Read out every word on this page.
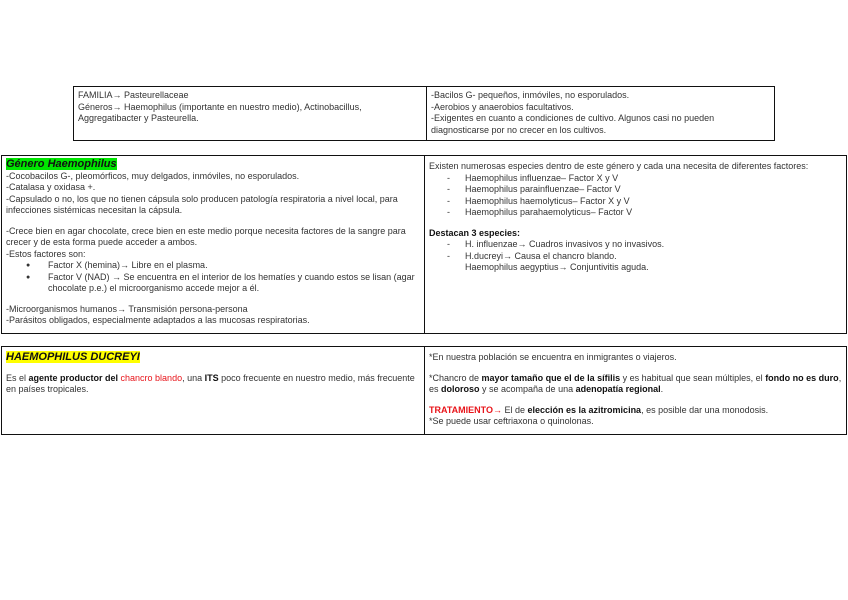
FAMILIA→ Pasteurellaceae

Géneros→ Haemophilus (importante en nuestro medio), Actinobacillus,

Aggregatibacter y Pasteurella.

-Bacilos G- pequeños, inmóviles, no esporulados.

-Aerobios y anaerobios facultativos.

-Exigentes en cuanto a condiciones de cultivo. Algunos casi no pueden diagnosticarse por no crecer en los cultivos.

Género Haemophilus

-Cocobacilos G-, pleomórficos, muy delgados, inmóviles, no esporulados.

-Catalasa y oxidasa +.

-Capsulado o no, los que no tienen cápsula solo producen patología respiratoria a nivel local, para infecciones sistémicas necesitan la cápsula.

-Crece bien en agar chocolate, crece bien en este medio porque necesita factores de la sangre para crecer y de esta forma puede acceder a ambos.

-Estos factores son:

● Factor X (hemina)→ Libre en el plasma.
● Factor V (NAD) → Se encuentra en el interior de los hematíes y cuando estos se lisan (agar chocolate p.e.) el microorganismo accede mejor a él.

-Microorganismos humanos→ Transmisión persona-persona

-Parásitos obligados, especialmente adaptados a las mucosas respiratorias.

Existen numerosas especies dentro de este género y cada una necesita de diferentes factores:

- Haemophilus influenzae– Factor X y V
- Haemophilus parainfluenzae– Factor V
- Haemophilus haemolyticus– Factor X y V
- Haemophilus parahaemolyticus– Factor V

Destacan 3 especies:

- H. influenzae→ Cuadros invasivos y no invasivos.
- H.ducreyi→ Causa el chancro blando.
Haemophilus aegyptius→ Conjuntivitis aguda.

HAEMOPHILUS DUCREYI

Es el agente productor del chancro blando, una ITS poco frecuente en nuestro medio, más frecuente en países tropicales.

*En nuestra población se encuentra en inmigrantes o viajeros.

*Chancro de mayor tamaño que el de la sífilis y es habitual que sean múltiples, el fondo no es duro, es doloroso y se acompaña de una adenopatía regional.

TRATAMIENTO→ El de elección es la azitromicina, es posible dar una monodosis.

*Se puede usar ceftriaxona o quinolonas.
